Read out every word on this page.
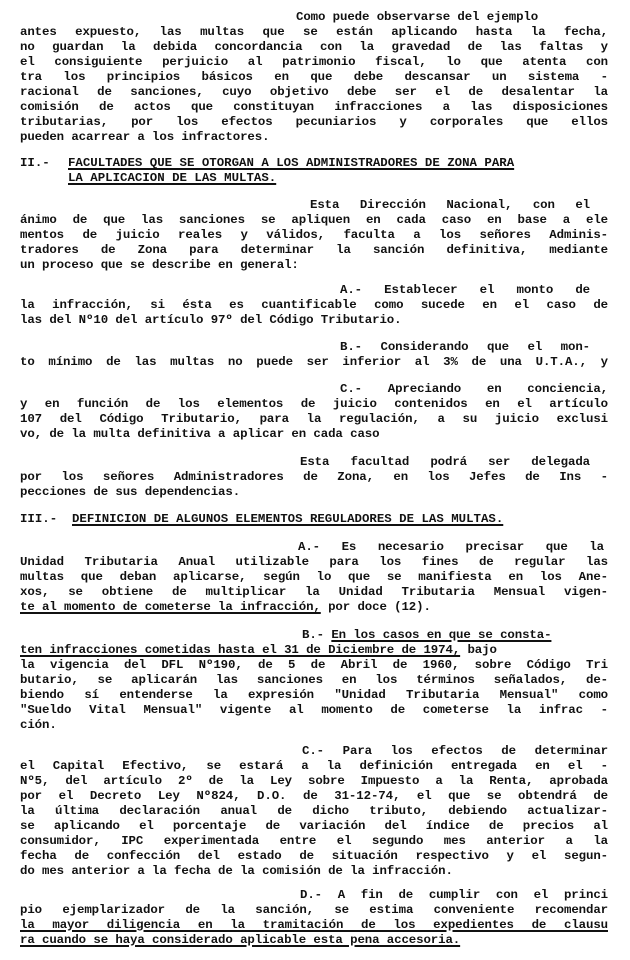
Como puede observarse del ejemplo
antes expuesto, las multas que se están aplicando hasta la fecha,
no guardan la debida concordancia con la gravedad de las faltas y
el consiguiente perjuicio al patrimonio fiscal, lo que atenta con
tra los principios básicos en que debe descansar un sistema -
racional de sanciones, cuyo objetivo debe ser el de desalentar la
comisión de actos que constituyan infracciones a las disposiciones
tributarias, por los efectos pecuniarios y corporales que ellos
pueden acarrear a los infractores.
II.- FACULTADES QUE SE OTORGAN A LOS ADMINISTRADORES DE ZONA PARA
LA APLICACION DE LAS MULTAS.
Esta Dirección Nacional, con el
ánimo de que las sanciones se apliquen en cada caso en base a ele
mentos de juicio reales y válidos, faculta a los señores Adminis-
tradores de Zona para determinar la sanción definitiva, mediante
un proceso que se describe en general:
A.- Establecer el monto de
la infracción, si ésta es cuantificable como sucede en el caso de
las del Nº10 del artículo 97º del Código Tributario.
B.- Considerando que el mon-
to mínimo de las multas no puede ser inferior al 3% de una U.T.A., y
C.- Apreciando en conciencia,
y en función de los elementos de juicio contenidos en el artículo
107 del Código Tributario, para la regulación, a su juicio exclusi
vo, de la multa definitiva a aplicar en cada caso
Esta facultad podrá ser delegada
por los señores Administradores de Zona, en los Jefes de Ins -
pecciones de sus dependencias.
III.- DEFINICION DE ALGUNOS ELEMENTOS REGULADORES DE LAS MULTAS.
A.- Es necesario precisar que la
Unidad Tributaria Anual utilizable para los fines de regular las
multas que deban aplicarse, según lo que se manifiesta en los Ane-
xos, se obtiene de multiplicar la Unidad Tributaria Mensual vigen-
te al momento de cometerse la infracción, por doce (12).
B.- En los casos en que se consta-
ten infracciones cometidas hasta el 31 de Diciembre de 1974, bajo
la vigencia del DFL Nº190, de 5 de Abril de 1960, sobre Código Tri
butario, se aplicarán las sanciones en los términos señalados, de-
biendo sí entenderse la expresión "Unidad Tributaria Mensual" como
"Sueldo Vital Mensual" vigente al momento de cometerse la infrac -
ción.
C.- Para los efectos de determinar
el Capital Efectivo, se estará a la definición entregada en el -
Nº5, del artículo 2º de la Ley sobre Impuesto a la Renta, aprobada
por el Decreto Ley Nº824, D.O. de 31-12-74, el que se obtendrá de
la última declaración anual de dicho tributo, debiendo actualizar-
se aplicando el porcentaje de variación del índice de precios al
consumidor, IPC experimentada entre el segundo mes anterior a la
fecha de confección del estado de situación respectivo y el segun-
do mes anterior a la fecha de la comisión de la infracción.
D.- A fin de cumplir con el princi
pio ejemplarizador de la sanción, se estima conveniente recomendar
la mayor diligencia en la tramitación de los expedientes de clausu
ra cuando se haya considerado aplicable esta pena accesoria.
